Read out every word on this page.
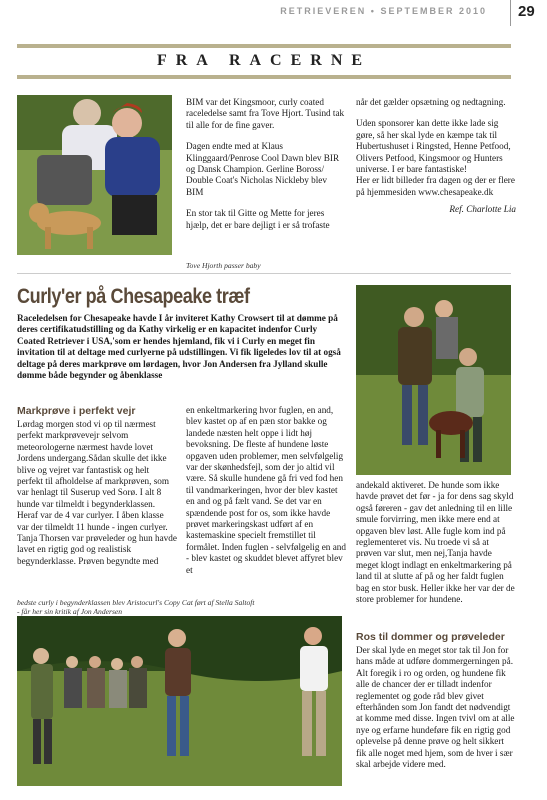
RETRIEVEREN • SEPTEMBER 2010 29
FRA RACERNE

BIM var det Kingsmoor, curly coated raceledelse samt fra Tove Hjort. Tusind tak til alle for de fine gaver.

Dagen endte med at Klaus Klinggaard/Penrose Cool Dawn blev BIR og Dansk Champion. Gerline Boross/ Double Coat's Nicholas Nickleby blev BIM

En stor tak til Gitte og Mette for jeres hjælp, det er bare dejligt i er så trofaste

når det gælder opsætning og nedtagning.

Uden sponsorer kan dette ikke lade sig gøre, så her skal lyde en kæmpe tak til Hubertushuset i Ringsted, Henne Petfood, Olivers Petfood, Kingsmoor og Hunters universe. I er bare fantastiske!

Her er lidt billeder fra dagen og der er flere på hjemmesiden www.chesapeake.dk

Ref. Charlotte Lia

Tove Hjorth passer baby
Curly'er på Chesapeake træf
Raceledelsen for Chesapeake havde I år inviteret Kathy Crowsert til at dømme på deres certifikatudstilling og da Kathy virkelig er en kapacitet indenfor Curly Coated Retriever i USA,'som er hendes hjemland, fik vi i Curly en meget fin invitation til at deltage med curlyerne på udstillingen. Vi fik ligeledes lov til at også deltage på deres markprøve om lørdagen, hvor Jon Andersen fra Jylland skulle dømme både begynder og åbenklasse
Markprøve i perfekt vejr

Lørdag morgen stod vi op til nærmest perfekt markprøvevejr selvom meteorologerne nærmest havde lovet Jordens undergang.Sådan skulle det ikke blive og vejret var fantastisk og helt perfekt til afholdelse af markprøven, som var henlagt til Suserup ved Sorø. I alt 8 hunde var tilmeldt i begynderklassen. Heraf var de 4 var curlyer. I åben klasse var der tilmeldt 11 hunde - ingen curlyer.

Tanja Thorsen var prøveleder og hun havde lavet en rigtig god og realistisk begynderklasse. Prøven begyndte med

en enkeltmarkering hvor fuglen, en and, blev kastet op af en pæn stor bakke og landede næsten helt oppe i lidt høj bevoksning. De fleste af hundene løste opgaven uden problemer, men selvfølgelig var der skønhedsfejl, som der jo altid vil være. Så skulle hundene gå fri ved fod hen til vandmarkeringen, hvor der blev kastet en and og på fælt vand. Se det var en spændende post for os, som ikke havde prøvet markeringskast udført af en kastemaskine specielt fremstillet til formålet. Inden fuglen - selvfølgelig en and - blev kastet og skuddet blevet affyret blev et

andekald aktiveret. De hunde som ikke havde prøvet det før - ja for dens sag skyld også føreren - gav det anledning til en lille smule forvirring, men ikke mere end at opgaven blev løst. Alle fugle kom ind på reglementeret vis. Nu troede vi så at prøven var slut, men nej,Tanja havde meget klogt indlagt en enkeltmarkering på land til at slutte af på og her faldt fuglen bag en stor busk. Heller ikke her var der de store problemer for hundene.

Ros til dommer og prøveleder

Der skal lyde en meget stor tak til Jon for hans måde at udføre dommergerningen på. Alt foregik i ro og orden, og hundene fik alle de chancer der er tilladt indenfor reglementet og gode råd blev givet efterhånden som Jon fandt det nødvendigt at komme med disse. Ingen tvivl om at alle nye og erfarne hundeføre fik en rigtig god oplevelse på denne prøve og helt sikkert fik alle noget med hjem, som de hver i sær skal arbejde videre med.

bedste curly i begynderklassen blev Aristocurl's Copy Cat ført af Stella Saltoft - får her sin kritik af Jon Andersen
